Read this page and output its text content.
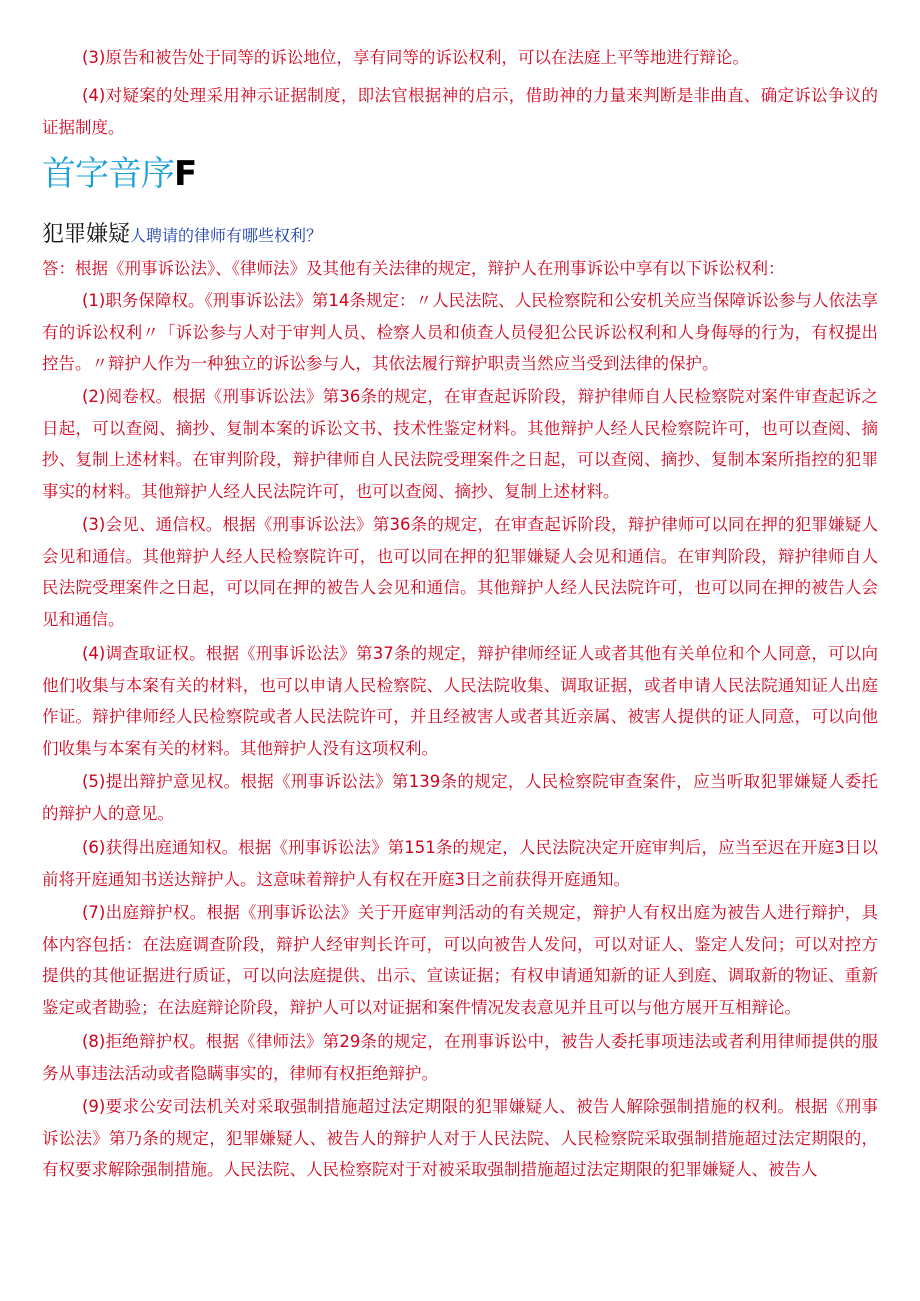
(3)原告和被告处于同等的诉讼地位，享有同等的诉讼权利，可以在法庭上平等地进行辩论。

(4)对疑案的处理采用神示证据制度，即法官根据神的启示，借助神的力量来判断是非曲直、确定诉讼争议的证据制度。

首字音序F

犯罪嫌疑人聘请的律师有哪些权利？

答：根据《刑事诉讼法》、《律师法》及其他有关法律的规定，辩护人在刑事诉讼中享有以下诉讼权利：

(1)职务保障权。《刑事诉讼法》第14条规定：〃人民法院、人民检察院和公安机关应当保障诉讼参与人依法享有的诉讼权利〃「诉讼参与人对于审判人员、检察人员和侦查人员侵犯公民诉讼权利和人身侮辱的行为，有权提出控告。〃辩护人作为一种独立的诉讼参与人，其依法履行辩护职责当然应当受到法律的保护。

(2)阅卷权。根据《刑事诉讼法》第36条的规定，在审查起诉阶段，辩护律师自人民检察院对案件审查起诉之日起，可以查阅、摘抄、复制本案的诉讼文书、技术性鉴定材料。其他辩护人经人民检察院许可，也可以查阅、摘抄、复制上述材料。在审判阶段，辩护律师自人民法院受理案件之日起，可以查阅、摘抄、复制本案所指控的犯罪事实的材料。其他辩护人经人民法院许可，也可以查阅、摘抄、复制上述材料。

(3)会见、通信权。根据《刑事诉讼法》第36条的规定，在审查起诉阶段，辩护律师可以同在押的犯罪嫌疑人会见和通信。其他辩护人经人民检察院许可，也可以同在押的犯罪嫌疑人会见和通信。在审判阶段，辩护律师自人民法院受理案件之日起，可以同在押的被告人会见和通信。其他辩护人经人民法院许可，也可以同在押的被告人会见和通信。

(4)调查取证权。根据《刑事诉讼法》第37条的规定，辩护律师经证人或者其他有关单位和个人同意，可以向他们收集与本案有关的材料，也可以申请人民检察院、人民法院收集、调取证据，或者申请人民法院通知证人出庭作证。辩护律师经人民检察院或者人民法院许可，并且经被害人或者其近亲属、被害人提供的证人同意，可以向他们收集与本案有关的材料。其他辩护人没有这项权利。

(5)提出辩护意见权。根据《刑事诉讼法》第139条的规定，人民检察院审查案件，应当听取犯罪嫌疑人委托的辩护人的意见。

(6)获得出庭通知权。根据《刑事诉讼法》第151条的规定，人民法院决定开庭审判后，应当至迟在开庭3日以前将开庭通知书送达辩护人。这意味着辩护人有权在开庭3日之前获得开庭通知。

(7)出庭辩护权。根据《刑事诉讼法》关于开庭审判活动的有关规定，辩护人有权出庭为被告人进行辩护，具体内容包括：在法庭调查阶段，辩护人经审判长许可，可以向被告人发问，可以对证人、鉴定人发问；可以对控方提供的其他证据进行质证，可以向法庭提供、出示、宣读证据；有权申请通知新的证人到庭、调取新的物证、重新鉴定或者勘验；在法庭辩论阶段，辩护人可以对证据和案件情况发表意见并且可以与他方展开互相辩论。

(8)拒绝辩护权。根据《律师法》第29条的规定，在刑事诉讼中，被告人委托事项违法或者利用律师提供的服务从事违法活动或者隐瞒事实的，律师有权拒绝辩护。

(9)要求公安司法机关对采取强制措施超过法定期限的犯罪嫌疑人、被告人解除强制措施的权利。根据《刑事诉讼法》第乃条的规定，犯罪嫌疑人、被告人的辩护人对于人民法院、人民检察院采取强制措施超过法定期限的，有权要求解除强制措施。人民法院、人民检察院对于对被采取强制措施超过法定期限的犯罪嫌疑人、被告人
